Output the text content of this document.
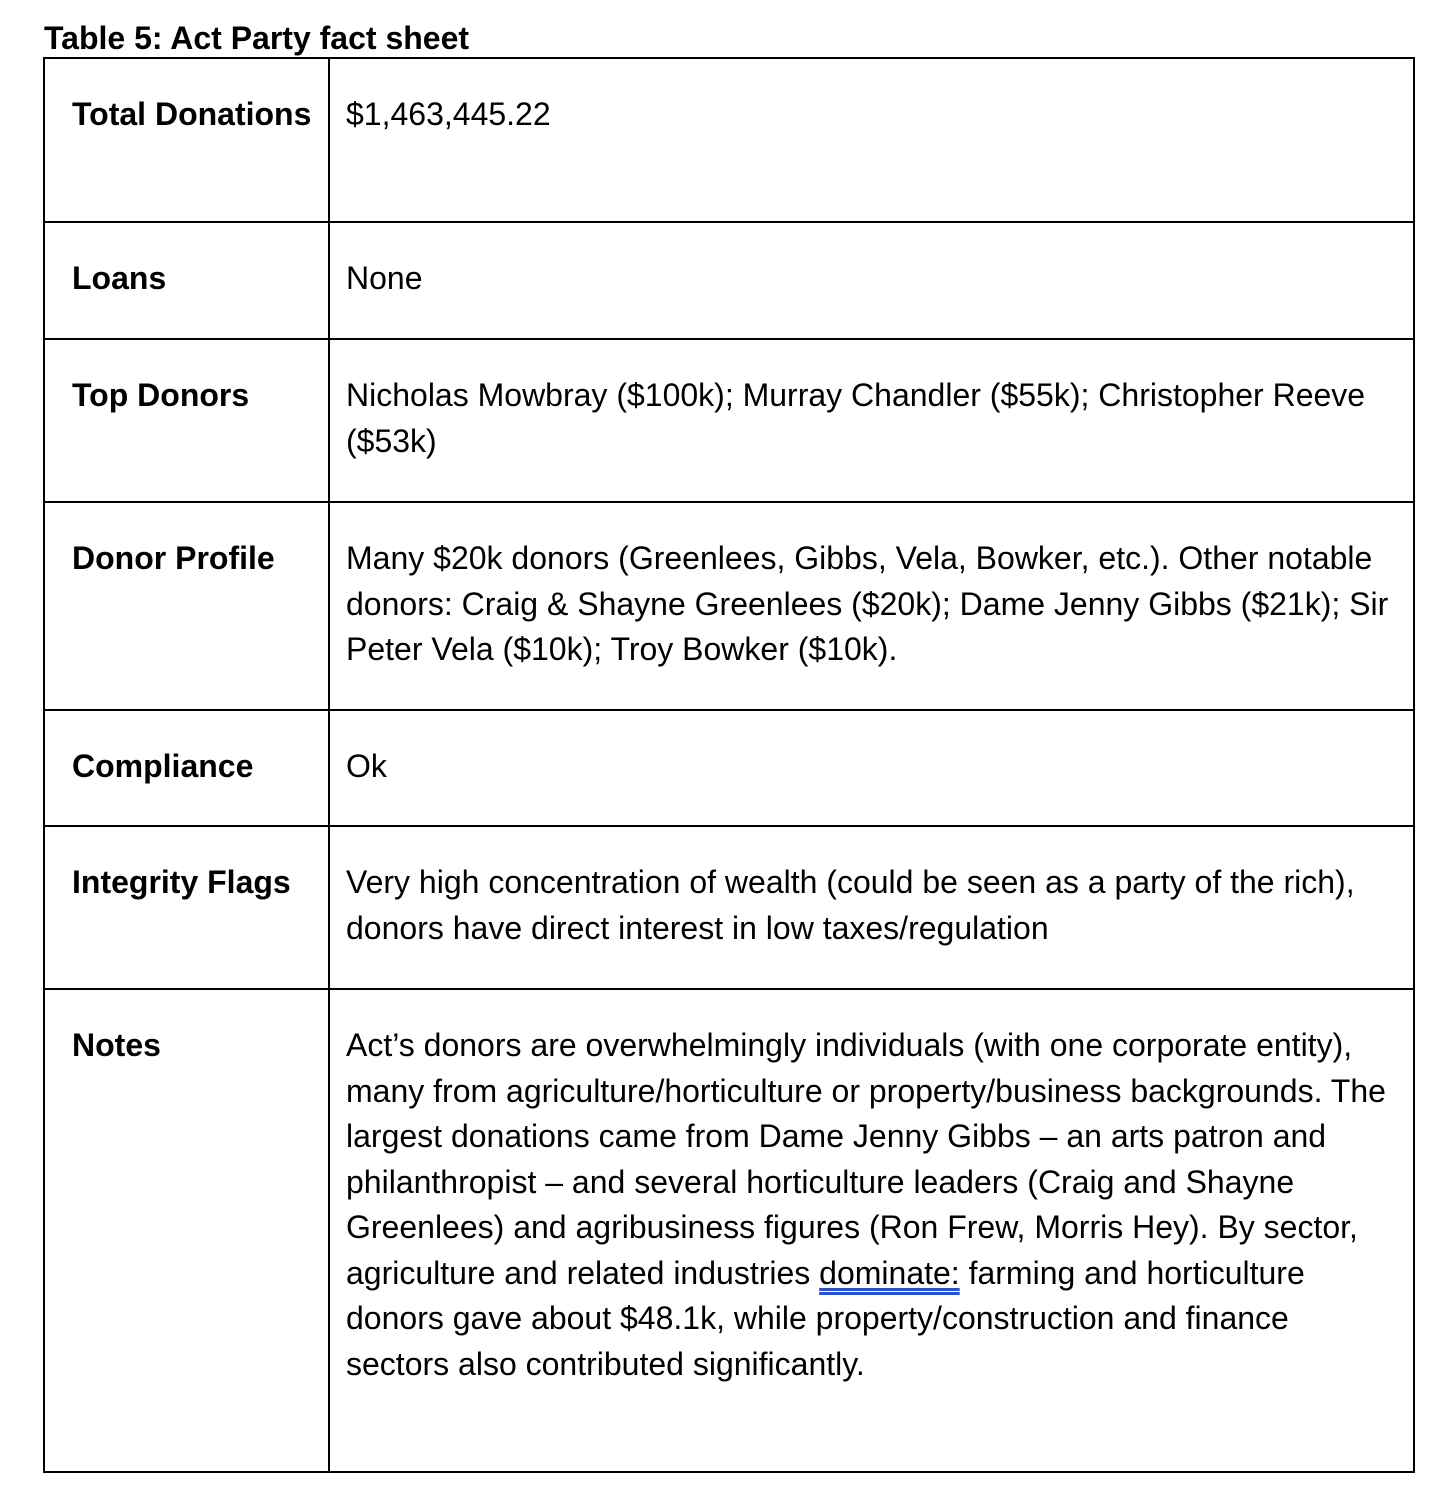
Table 5: Act Party fact sheet
Total Donations	$1,463,445.22
Loans	None
Top Donors	Nicholas Mowbray ($100k); Murray Chandler ($55k); Christopher Reeve ($53k)
Donor Profile	Many $20k donors (Greenlees, Gibbs, Vela, Bowker, etc.). Other notable donors: Craig & Shayne Greenlees ($20k); Dame Jenny Gibbs ($21k); Sir Peter Vela ($10k); Troy Bowker ($10k).
Compliance	Ok
Integrity Flags	Very high concentration of wealth (could be seen as a party of the rich), donors have direct interest in low taxes/regulation
Notes	Act’s donors are overwhelmingly individuals (with one corporate entity), many from agriculture/horticulture or property/business backgrounds. The largest donations came from Dame Jenny Gibbs – an arts patron and philanthropist – and several horticulture leaders (Craig and Shayne Greenlees) and agribusiness figures (Ron Frew, Morris Hey). By sector, agriculture and related industries dominate: farming and horticulture donors gave about $48.1k, while property/construction and finance sectors also contributed significantly.
